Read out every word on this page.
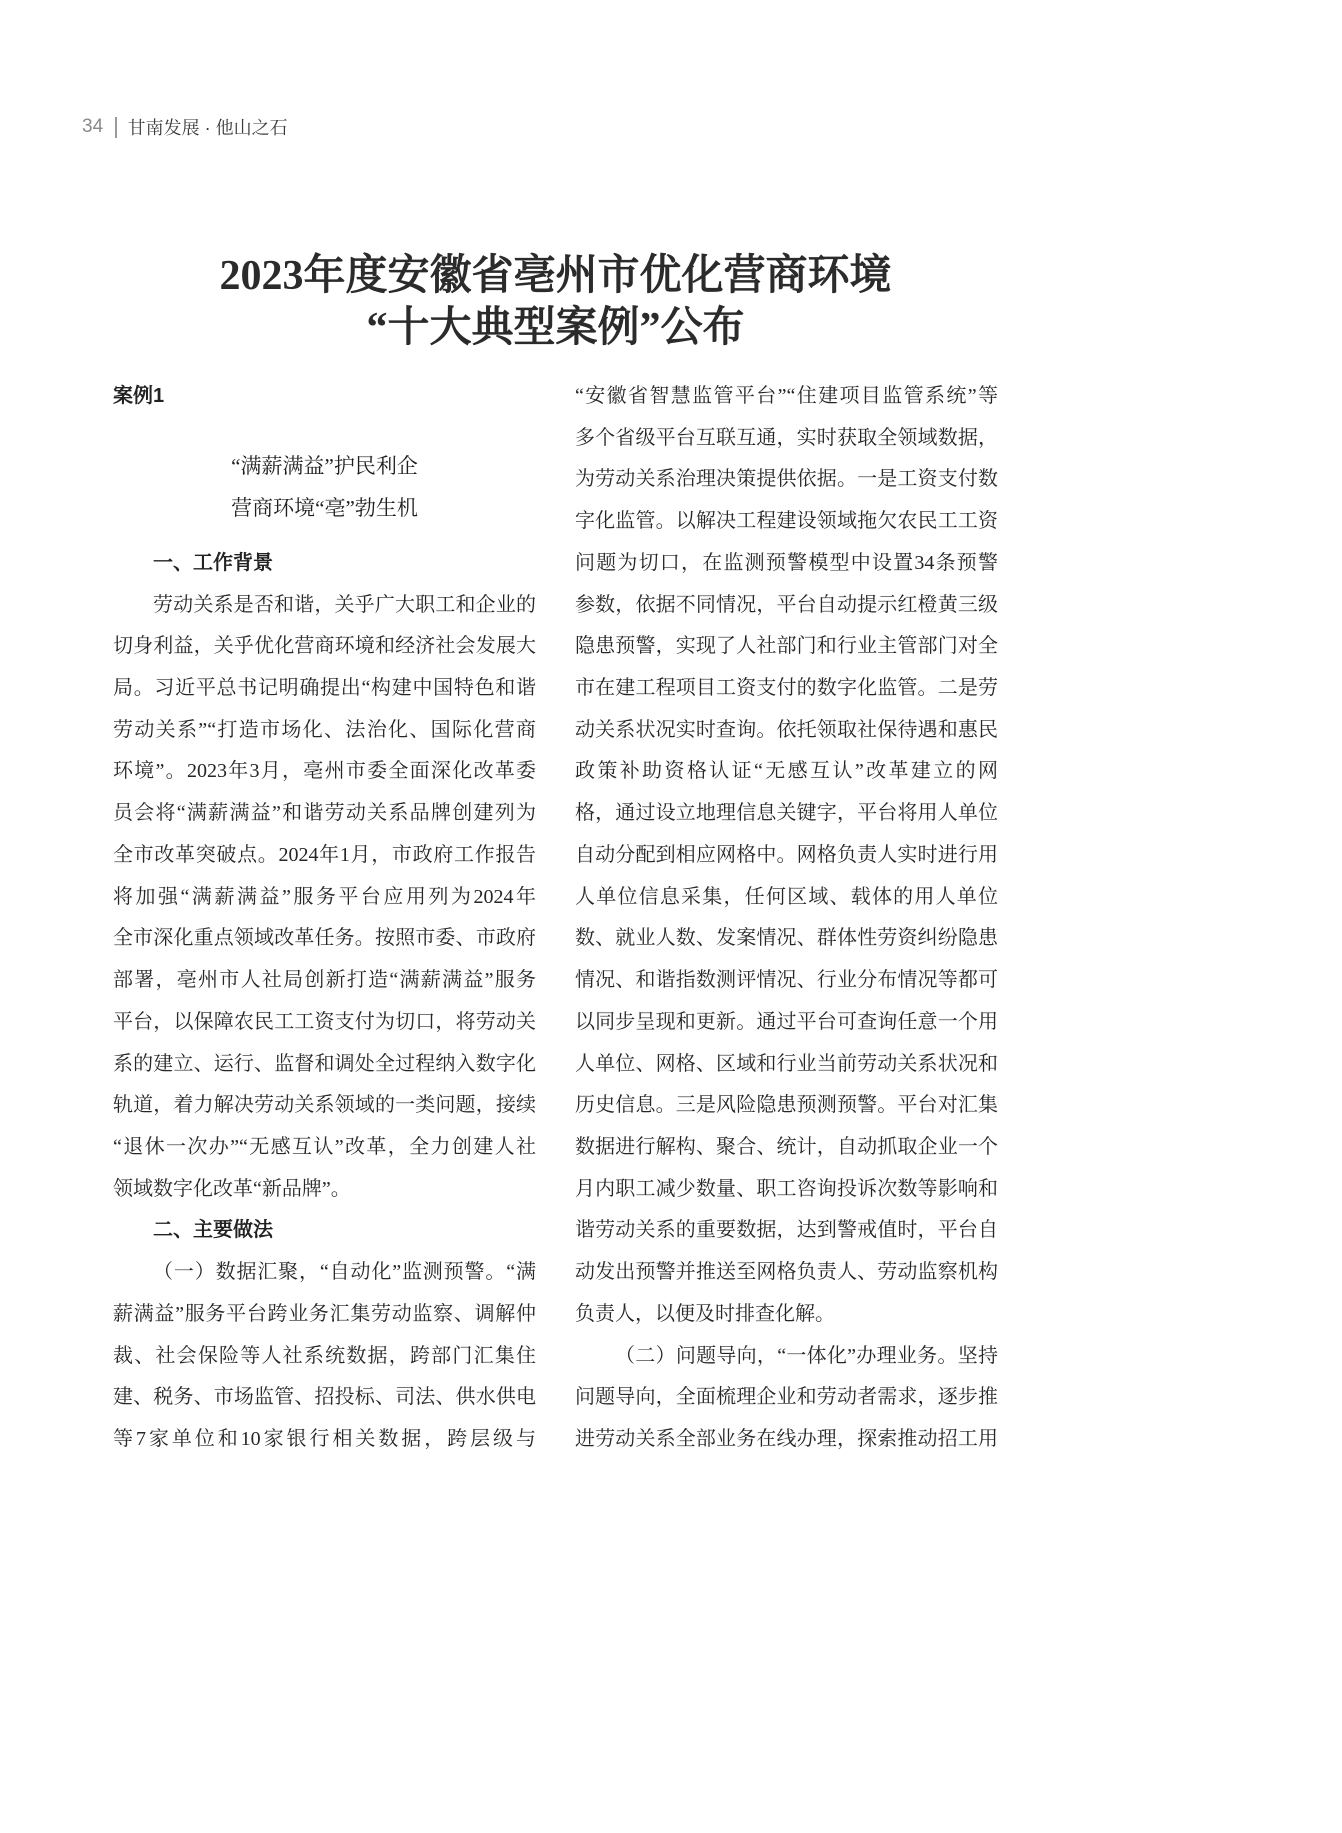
34 甘南发展 · 他山之石
2023年度安徽省亳州市优化营商环境
“十大典型案例”公布
案例1
“满薪满益”护民利企
营商环境“亳”勃生机
一、工作背景
劳动关系是否和谐，关乎广大职工和企业的
切身利益，关乎优化营商环境和经济社会发展大
局。习近平总书记明确提出“构建中国特色和谐
劳动关系”“打造市场化、法治化、国际化营商
环境”。2023年3月，亳州市委全面深化改革委
员会将“满薪满益”和谐劳动关系品牌创建列为
全市改革突破点。2024年1月，市政府工作报告
将加强“满薪满益”服务平台应用列为2024年
全市深化重点领域改革任务。按照市委、市政府
部署，亳州市人社局创新打造“满薪满益”服务
平台，以保障农民工工资支付为切口，将劳动关
系的建立、运行、监督和调处全过程纳入数字化
轨道，着力解决劳动关系领域的一类问题，接续
“退休一次办”“无感互认”改革，全力创建人社
领域数字化改革“新品牌”。
二、主要做法
（一）数据汇聚，“自动化”监测预警。“满
薪满益”服务平台跨业务汇集劳动监察、调解仲
裁、社会保险等人社系统数据，跨部门汇集住
建、税务、市场监管、招投标、司法、供水供电
等7家单位和10家银行相关数据，跨层级与
“安徽省智慧监管平台”“住建项目监管系统”等
多个省级平台互联互通，实时获取全领域数据，
为劳动关系治理决策提供依据。一是工资支付数
字化监管。以解决工程建设领域拖欠农民工工资
问题为切口，在监测预警模型中设置34条预警
参数，依据不同情况，平台自动提示红橙黄三级
隐患预警，实现了人社部门和行业主管部门对全
市在建工程项目工资支付的数字化监管。二是劳
动关系状况实时查询。依托领取社保待遇和惠民
政策补助资格认证“无感互认”改革建立的网
格，通过设立地理信息关键字，平台将用人单位
自动分配到相应网格中。网格负责人实时进行用
人单位信息采集，任何区域、载体的用人单位
数、就业人数、发案情况、群体性劳资纠纷隐患
情况、和谐指数测评情况、行业分布情况等都可
以同步呈现和更新。通过平台可查询任意一个用
人单位、网格、区域和行业当前劳动关系状况和
历史信息。三是风险隐患预测预警。平台对汇集
数据进行解构、聚合、统计，自动抓取企业一个
月内职工减少数量、职工咨询投诉次数等影响和
谐劳动关系的重要数据，达到警戒值时，平台自
动发出预警并推送至网格负责人、劳动监察机构
负责人，以便及时排查化解。
（二）问题导向，“一体化”办理业务。坚持
问题导向，全面梳理企业和劳动者需求，逐步推
进劳动关系全部业务在线办理，探索推动招工用
